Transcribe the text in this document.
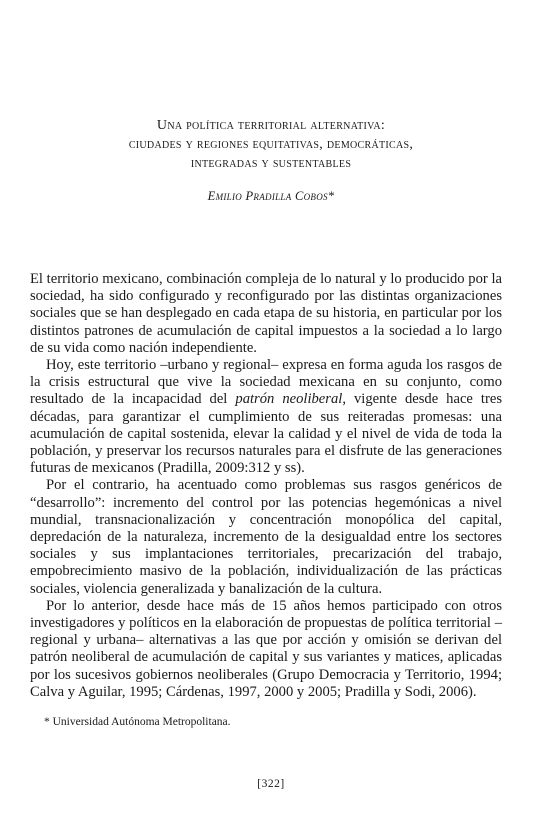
Una política territorial alternativa:

ciudades y regiones equitativas, democráticas,

integradas y sustentables

Emilio Pradilla Cobos*

El territorio mexicano, combinación compleja de lo natural y lo producido por la sociedad, ha sido configurado y reconfigurado por las distintas organizaciones sociales que se han desplegado en cada etapa de su historia, en particular por los distintos patrones de acumulación de capital impuestos a la sociedad a lo largo de su vida como nación independiente.

Hoy, este territorio –urbano y regional– expresa en forma aguda los rasgos de la crisis estructural que vive la sociedad mexicana en su conjunto, como resultado de la incapacidad del patrón neoliberal, vigente desde hace tres décadas, para garantizar el cumplimiento de sus reiteradas promesas: una acumulación de capital sostenida, elevar la calidad y el nivel de vida de toda la población, y preservar los recursos naturales para el disfrute de las generaciones futuras de mexicanos (Pradilla, 2009:312 y ss).

Por el contrario, ha acentuado como problemas sus rasgos genéricos de “desarrollo”: incremento del control por las potencias hegemónicas a nivel mundial, transnacionalización y concentración monopólica del capital, depredación de la naturaleza, incremento de la desigualdad entre los sectores sociales y sus implantaciones territoriales, precarización del trabajo, empobrecimiento masivo de la población, individualización de las prácticas sociales, violencia generalizada y banalización de la cultura.

Por lo anterior, desde hace más de 15 años hemos participado con otros investigadores y políticos en la elaboración de propuestas de política territorial –regional y urbana– alternativas a las que por acción y omisión se derivan del patrón neoliberal de acumulación de capital y sus variantes y matices, aplicadas por los sucesivos gobiernos neoliberales (Grupo Democracia y Territorio, 1994; Calva y Aguilar, 1995; Cárdenas, 1997, 2000 y 2005; Pradilla y Sodi, 2006).

* Universidad Autónoma Metropolitana.
[322]
